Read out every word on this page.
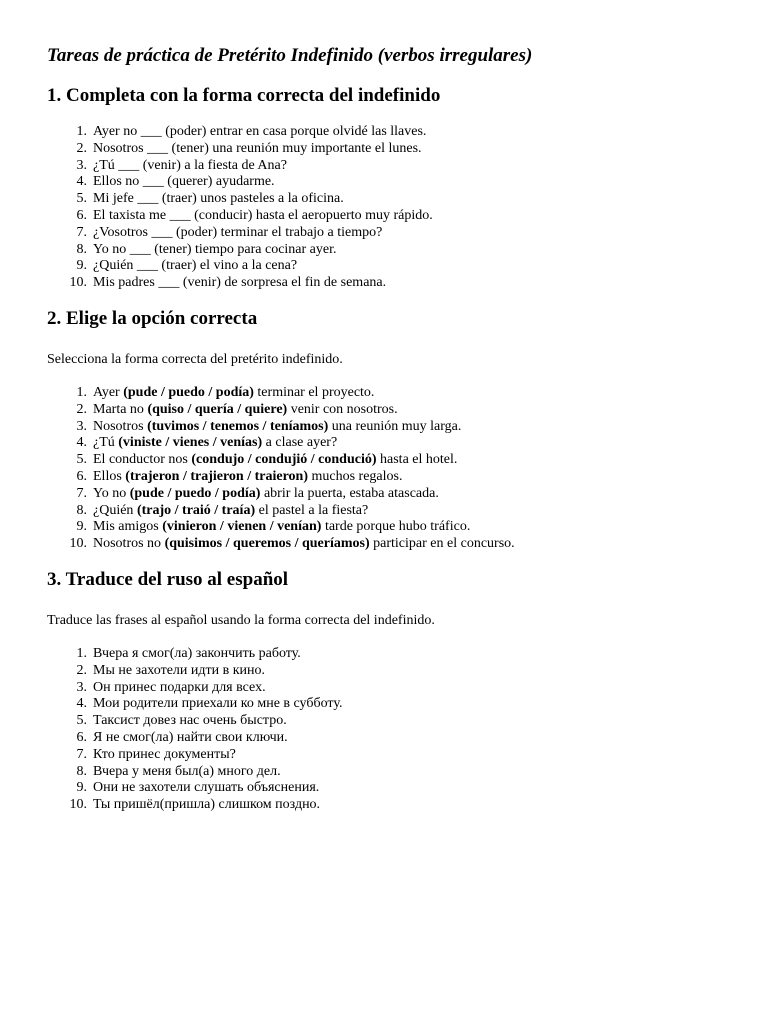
Tareas de práctica de Pretérito Indefinido (verbos irregulares)
1. Completa con la forma correcta del indefinido
1. Ayer no ___ (poder) entrar en casa porque olvidé las llaves.
2. Nosotros ___ (tener) una reunión muy importante el lunes.
3. ¿Tú ___ (venir) a la fiesta de Ana?
4. Ellos no ___ (querer) ayudarme.
5. Mi jefe ___ (traer) unos pasteles a la oficina.
6. El taxista me ___ (conducir) hasta el aeropuerto muy rápido.
7. ¿Vosotros ___ (poder) terminar el trabajo a tiempo?
8. Yo no ___ (tener) tiempo para cocinar ayer.
9. ¿Quién ___ (traer) el vino a la cena?
10. Mis padres ___ (venir) de sorpresa el fin de semana.
2. Elige la opción correcta

Selecciona la forma correcta del pretérito indefinido.

1. Ayer (pude / puedo / podía) terminar el proyecto.
2. Marta no (quiso / quería / quiere) venir con nosotros.
3. Nosotros (tuvimos / tenemos / teníamos) una reunión muy larga.
4. ¿Tú (viniste / vienes / venías) a clase ayer?
5. El conductor nos (condujo / condujió / condució) hasta el hotel.
6. Ellos (trajeron / trajieron / traieron) muchos regalos.
7. Yo no (pude / puedo / podía) abrir la puerta, estaba atascada.
8. ¿Quién (trajo / traió / traía) el pastel a la fiesta?
9. Mis amigos (vinieron / vienen / venían) tarde porque hubo tráfico.
10. Nosotros no (quisimos / queremos / queríamos) participar en el concurso.
3. Traduce del ruso al español

Traduce las frases al español usando la forma correcta del indefinido.

1. Вчера я смог(ла) закончить работу.
2. Мы не захотели идти в кино.
3. Он принес подарки для всех.
4. Мои родители приехали ко мне в субботу.
5. Таксист довез нас очень быстро.
6. Я не смог(ла) найти свои ключи.
7. Кто принес документы?
8. Вчера у меня был(а) много дел.
9. Они не захотели слушать объяснения.
10. Ты пришёл(пришла) слишком поздно.
